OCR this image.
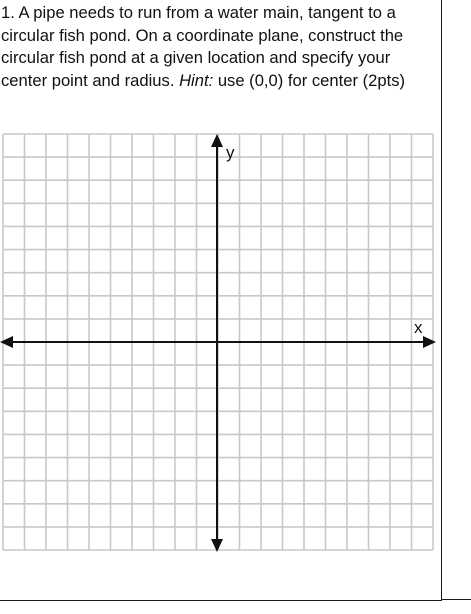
1. A pipe needs to run from a water main, tangent to a circular fish pond. On a coordinate plane, construct the circular fish pond at a given location and specify your center point and radius. Hint: use (0,0) for center (2pts)

y
x
